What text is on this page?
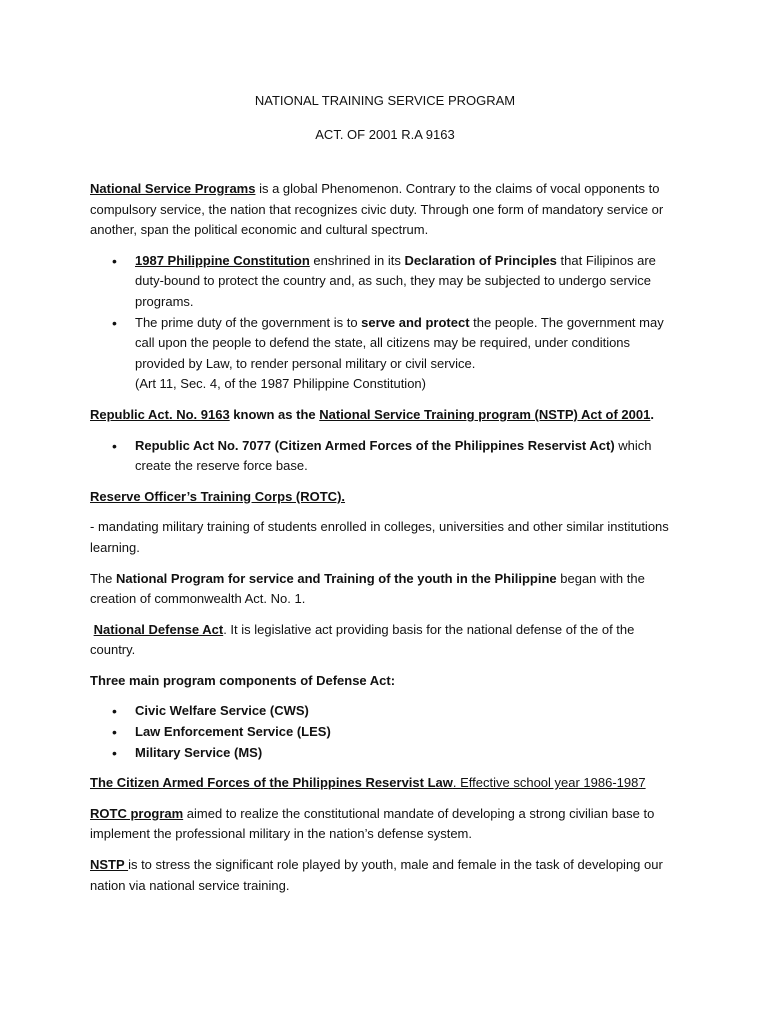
NATIONAL TRAINING SERVICE PROGRAM
ACT. OF 2001 R.A 9163

National Service Programs is a global Phenomenon. Contrary to the claims of vocal opponents to compulsory service, the nation that recognizes civic duty. Through one form of mandatory service or another, span the political economic and cultural spectrum.

• 1987 Philippine Constitution enshrined in its Declaration of Principles that Filipinos are duty-bound to protect the country and, as such, they may be subjected to undergo service programs.
• The prime duty of the government is to serve and protect the people. The government may call upon the people to defend the state, all citizens may be required, under conditions provided by Law, to render personal military or civil service.
(Art 11, Sec. 4, of the 1987 Philippine Constitution)

Republic Act. No. 9163 known as the National Service Training program (NSTP) Act of 2001.

• Republic Act No. 7077 (Citizen Armed Forces of the Philippines Reservist Act) which create the reserve force base.

Reserve Officer’s Training Corps (ROTC).

- mandating military training of students enrolled in colleges, universities and other similar institutions learning.

The National Program for service and Training of the youth in the Philippine began with the creation of commonwealth Act. No. 1.

National Defense Act. It is legislative act providing basis for the national defense of the of the country.

Three main program components of Defense Act:

• Civic Welfare Service (CWS)
• Law Enforcement Service (LES)
• Military Service (MS)

The Citizen Armed Forces of the Philippines Reservist Law. Effective school year 1986-1987

ROTC program aimed to realize the constitutional mandate of developing a strong civilian base to implement the professional military in the nation’s defense system.

NSTP is to stress the significant role played by youth, male and female in the task of developing our nation via national service training.
